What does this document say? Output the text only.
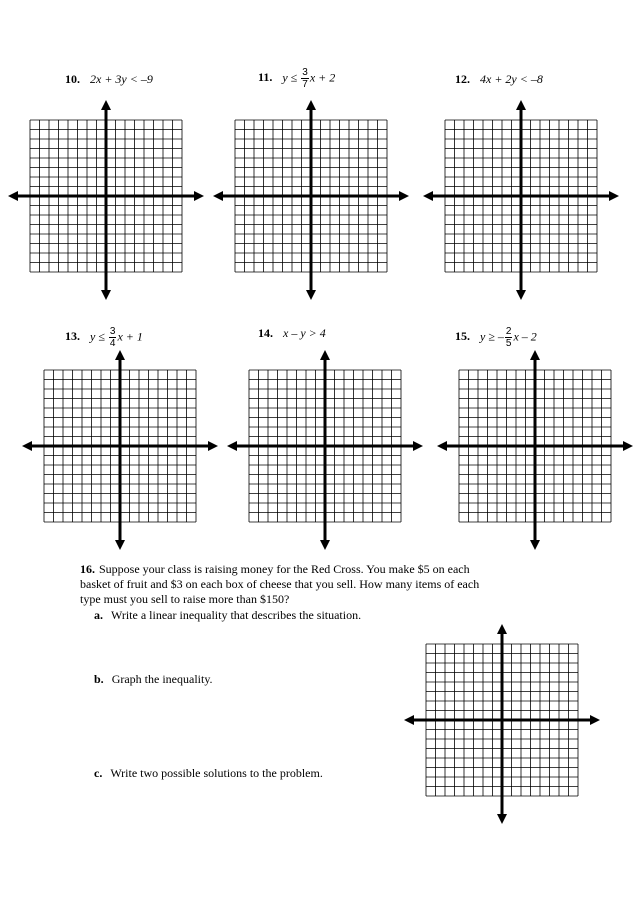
10. 2x + 3y < –9	11. $y \le \frac{3}{7}$ x + 2	12. 4x + 2y < –8
13. $y \le \frac{3}{4}$ x + 1	14. x – y > 4	15. y ≥ – $\frac{2}{5}$ x – 2
16. Suppose your class is raising money for the Red Cross. You make $5 on each basket of fruit and $3 on each box of cheese that you sell. How many items of each type must you sell to raise more than $150?
a. Write a linear inequality that describes the situation.
b. Graph the inequality.
c. Write two possible solutions to the problem.
